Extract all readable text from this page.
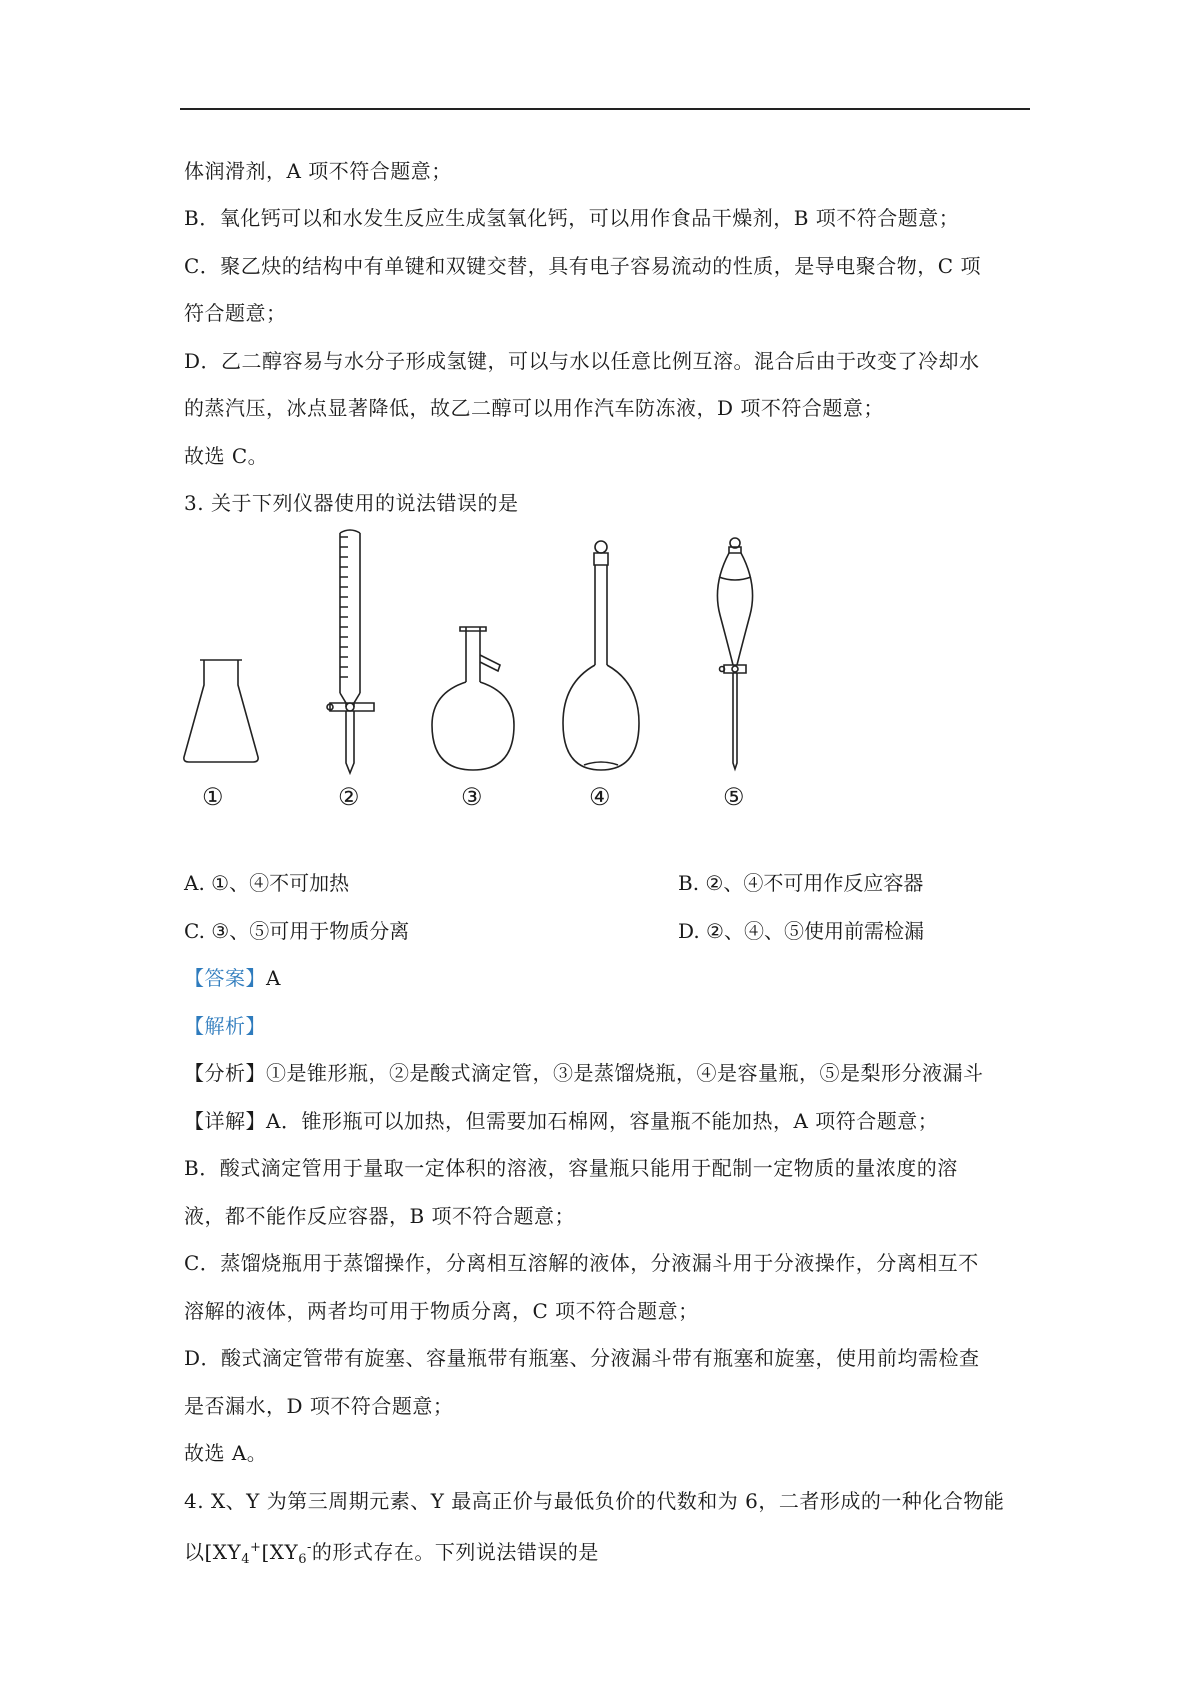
体润滑剂，A 项不符合题意；
B．氧化钙可以和水发生反应生成氢氧化钙，可以用作食品干燥剂，B 项不符合题意；
C．聚乙炔的结构中有单键和双键交替，具有电子容易流动的性质，是导电聚合物，C 项
符合题意；
D．乙二醇容易与水分子形成氢键，可以与水以任意比例互溶。混合后由于改变了冷却水
的蒸汽压，冰点显著降低，故乙二醇可以用作汽车防冻液，D 项不符合题意；
故选 C。
3. 关于下列仪器使用的说法错误的是
①	②	③	④	⑤
A. ①、④不可加热	B. ②、④不可用作反应容器
C. ③、⑤可用于物质分离	D. ②、④、⑤使用前需检漏
【答案】A
【解析】
【分析】①是锥形瓶，②是酸式滴定管，③是蒸馏烧瓶，④是容量瓶，⑤是梨形分液漏斗
【详解】A．锥形瓶可以加热，但需要加石棉网，容量瓶不能加热，A 项符合题意；
B．酸式滴定管用于量取一定体积的溶液，容量瓶只能用于配制一定物质的量浓度的溶
液，都不能作反应容器，B 项不符合题意；
C．蒸馏烧瓶用于蒸馏操作，分离相互溶解的液体，分液漏斗用于分液操作，分离相互不
溶解的液体，两者均可用于物质分离，C 项不符合题意；
D．酸式滴定管带有旋塞、容量瓶带有瓶塞、分液漏斗带有瓶塞和旋塞，使用前均需检查
是否漏水，D 项不符合题意；
故选 A。
4. X、Y 为第三周期元素、Y 最高正价与最低负价的代数和为 6，二者形成的一种化合物能
以[$XY_4^+[XY_6^-$的形式存在。下列说法错误的是
